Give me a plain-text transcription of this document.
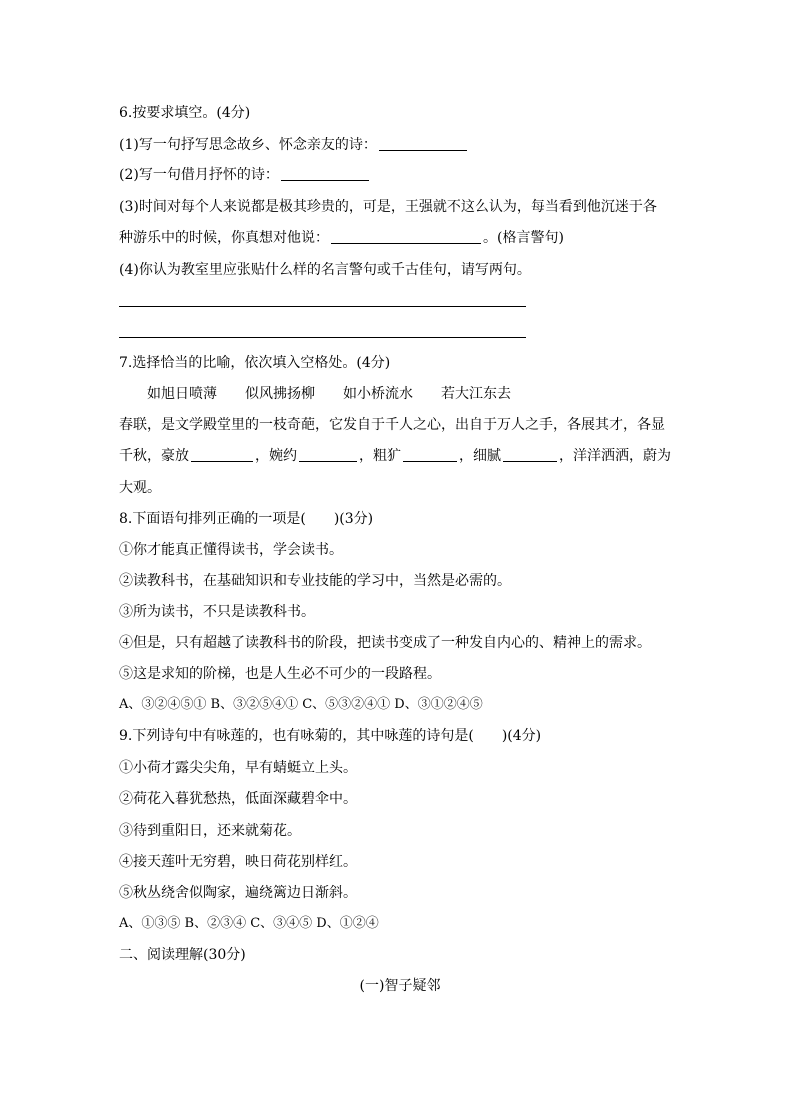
6.按要求填空。(4分)
(1)写一句抒写思念故乡、怀念亲友的诗：
(2)写一句借月抒怀的诗：
(3)时间对每个人来说都是极其珍贵的，可是，王强就不这么认为，每当看到他沉迷于各
种游乐中的时候，你真想对他说：	。(格言警句)
(4)你认为教室里应张贴什么样的名言警句或千古佳句，请写两句。
7.选择恰当的比喻，依次填入空格处。(4分)
如旭日喷薄 似风拂扬柳 如小桥流水 若大江东去
春联，是文学殿堂里的一枝奇葩，它发自于千人之心，出自于万人之手，各展其才，各显
千秋，豪放	，婉约	，粗犷	，细腻	，洋洋洒洒，蔚为
大观。
8.下面语句排列正确的一项是(　　)(3分)
①你才能真正懂得读书，学会读书。
②读教科书，在基础知识和专业技能的学习中，当然是必需的。
③所为读书，不只是读教科书。
④但是，只有超越了读教科书的阶段，把读书变成了一种发自内心的、精神上的需求。
⑤这是求知的阶梯，也是人生必不可少的一段路程。
A、③②④⑤① B、③②⑤④① C、⑤③②④① D、③①②④⑤
9.下列诗句中有咏莲的，也有咏菊的，其中咏莲的诗句是(　　)(4分)
①小荷才露尖尖角，早有蜻蜓立上头。
②荷花入暮犹愁热，低面深藏碧伞中。
③待到重阳日，还来就菊花。
④接天莲叶无穷碧，映日荷花别样红。
⑤秋丛绕舍似陶家，遍绕篱边日渐斜。
A、①③⑤ B、②③④ C、③④⑤ D、①②④
二、阅读理解(30分)
(一)智子疑邻
